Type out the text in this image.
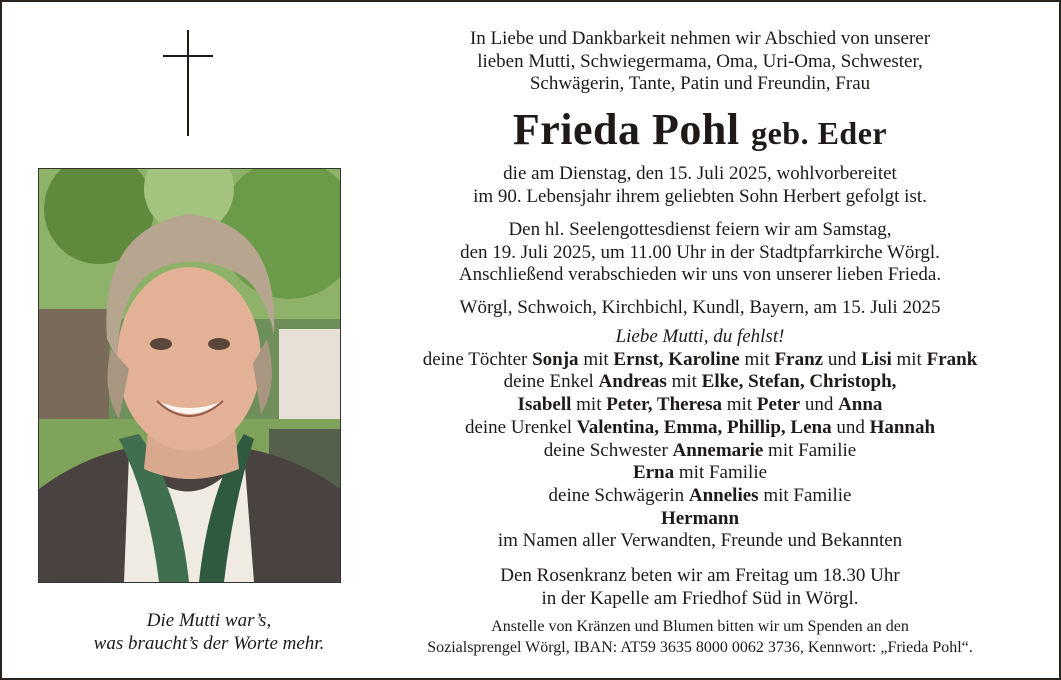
Die Mutti war’s,
was braucht’s der Worte mehr.
In Liebe und Dankbarkeit nehmen wir Abschied von unserer
lieben Mutti, Schwiegermama, Oma, Uri-Oma, Schwester,
Schwägerin, Tante, Patin und Freundin, Frau
Frieda Pohl geb. Eder
die am Dienstag, den 15. Juli 2025, wohlvorbereitet
im 90. Lebensjahr ihrem geliebten Sohn Herbert gefolgt ist.
Den hl. Seelengottesdienst feiern wir am Samstag,
den 19. Juli 2025, um 11.00 Uhr in der Stadtpfarrkirche Wörgl.
Anschließend verabschieden wir uns von unserer lieben Frieda.
Wörgl, Schwoich, Kirchbichl, Kundl, Bayern, am 15. Juli 2025
Liebe Mutti, du fehlst!
deine Töchter Sonja mit Ernst, Karoline mit Franz und Lisi mit Frank
deine Enkel Andreas mit Elke, Stefan, Christoph,
Isabell mit Peter, Theresa mit Peter und Anna
deine Urenkel Valentina, Emma, Phillip, Lena und Hannah
deine Schwester Annemarie mit Familie
Erna mit Familie
deine Schwägerin Annelies mit Familie
Hermann
im Namen aller Verwandten, Freunde und Bekannten
Den Rosenkranz beten wir am Freitag um 18.30 Uhr
in der Kapelle am Friedhof Süd in Wörgl.
Anstelle von Kränzen und Blumen bitten wir um Spenden an den
Sozialsprengel Wörgl, IBAN: AT59 3635 8000 0062 3736, Kennwort: „Frieda Pohl“.
